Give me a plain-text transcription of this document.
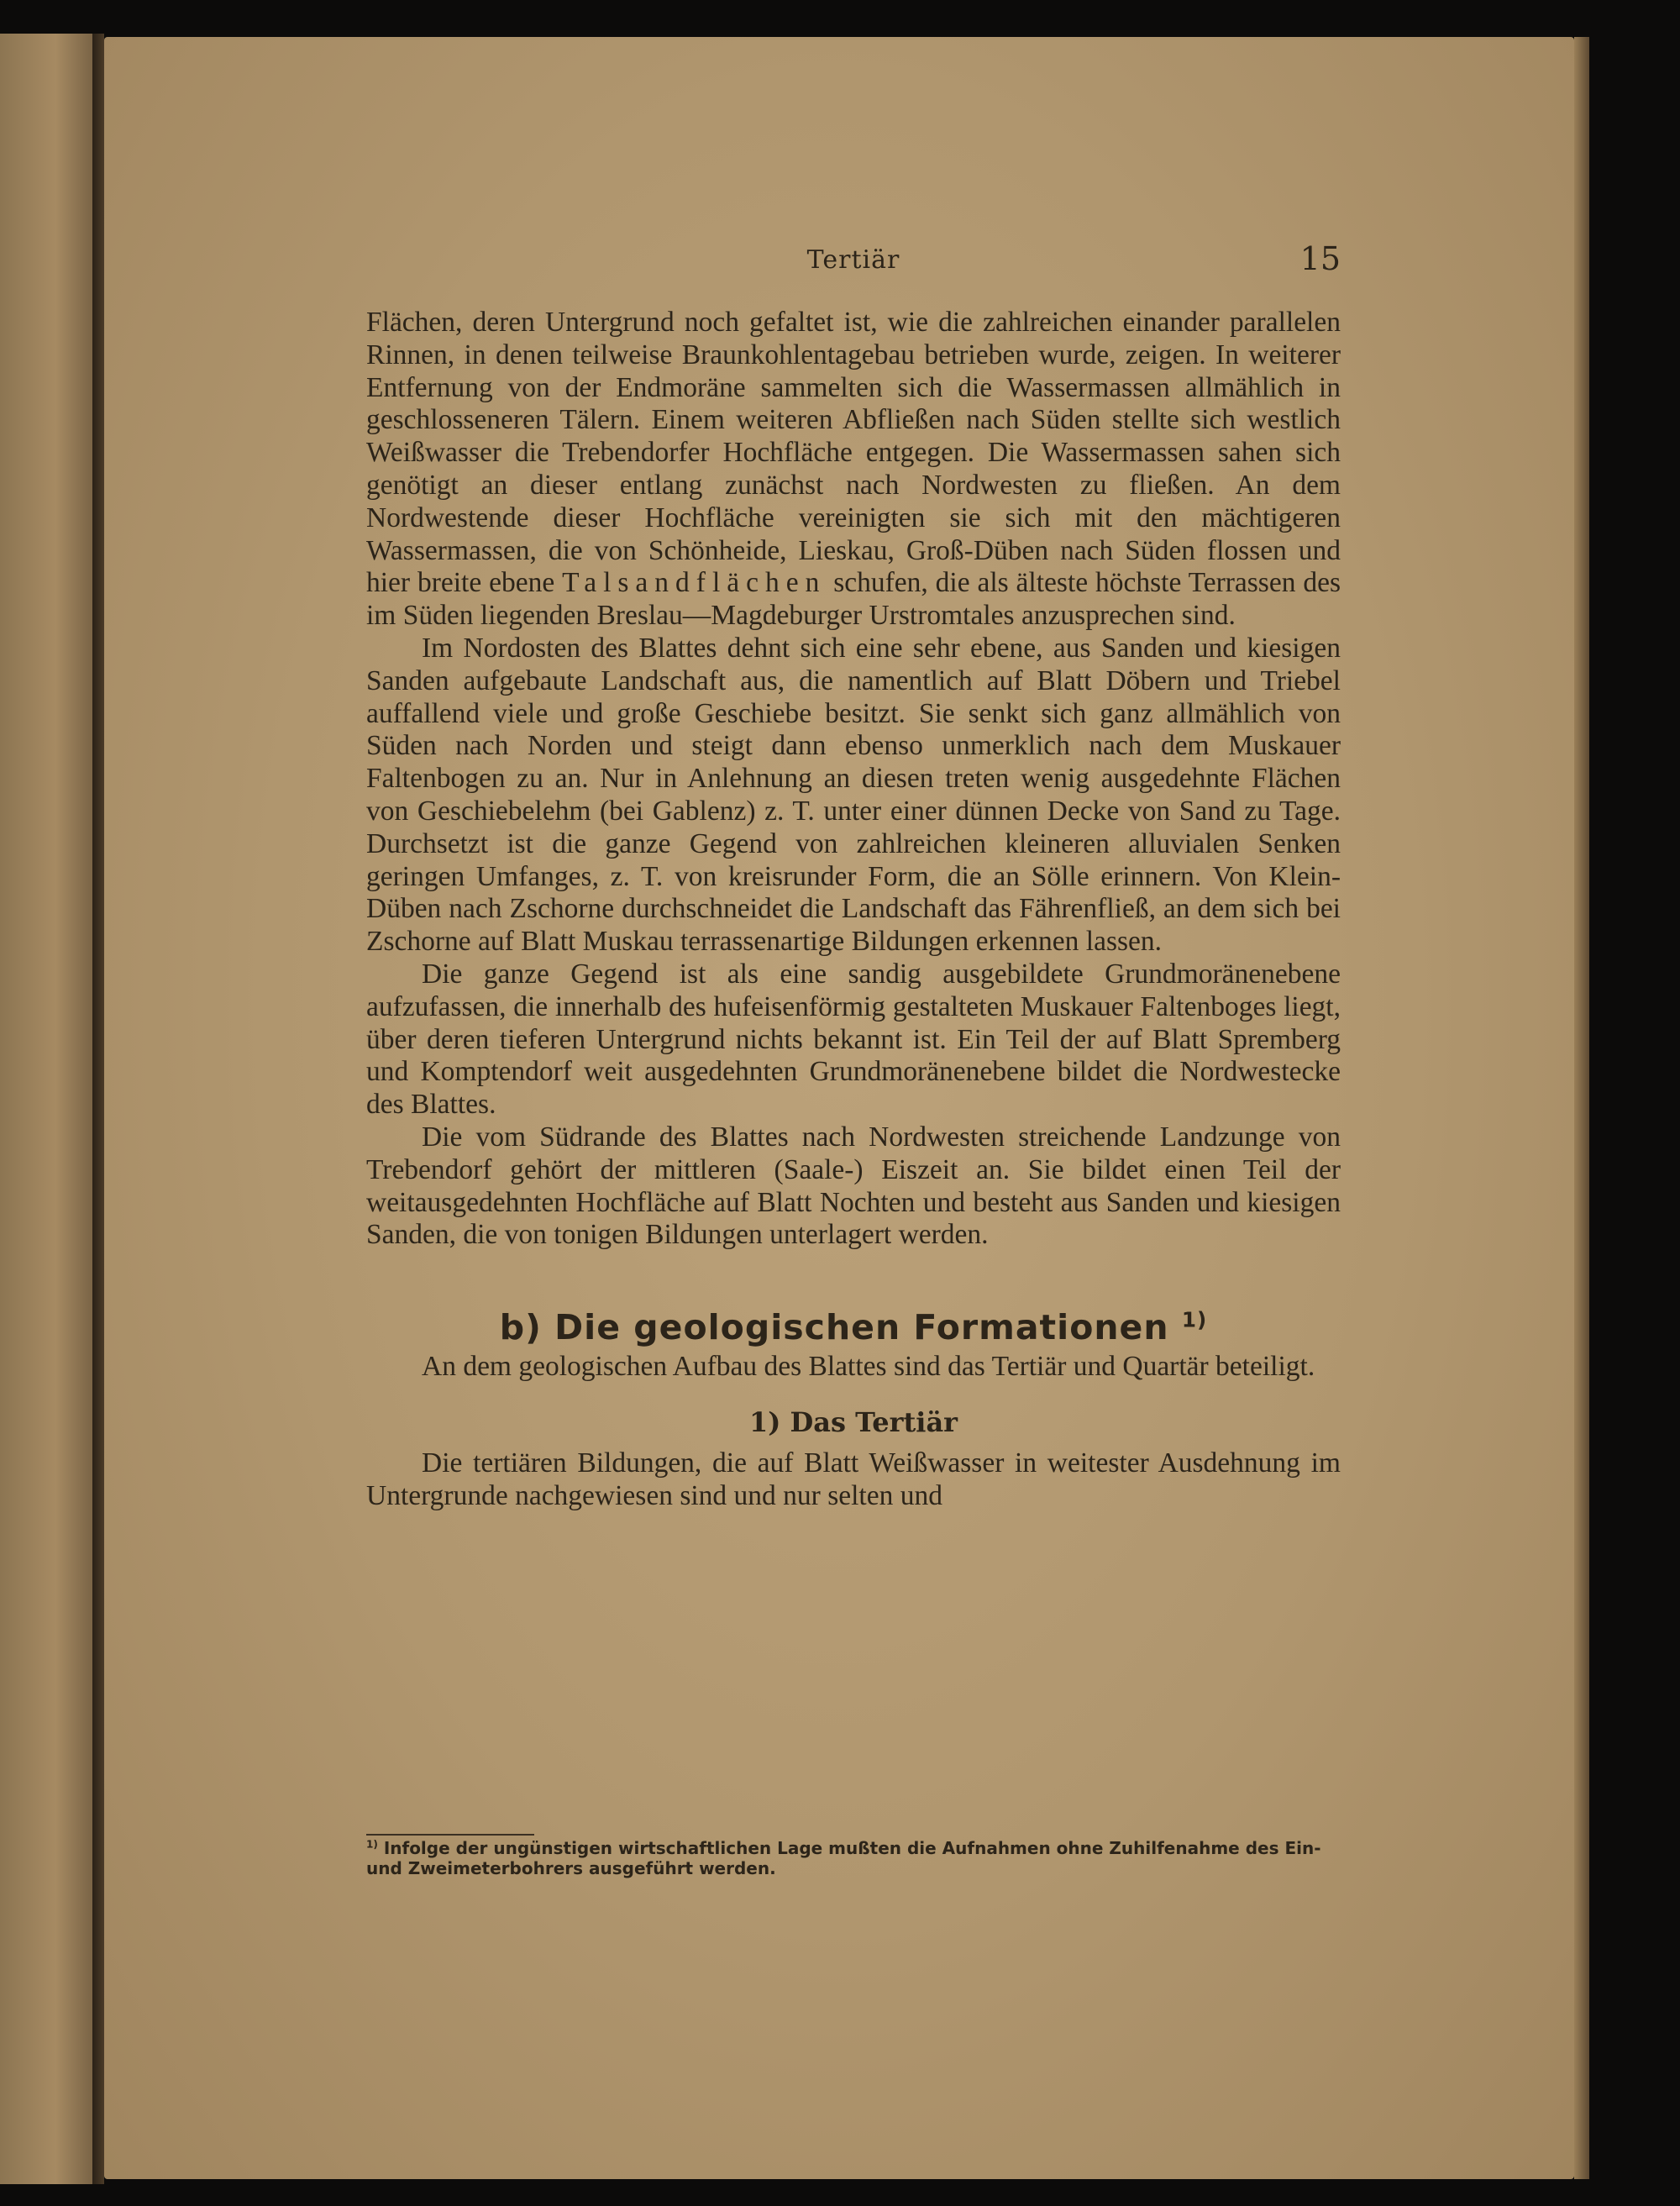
Tertiär	15

Flächen, deren Untergrund noch gefaltet ist, wie die zahlreichen einander parallelen Rinnen, in denen teilweise Braunkohlentagebau betrieben wurde, zeigen. In weiterer Entfernung von der Endmoräne sammelten sich die Wassermassen allmählich in geschlosseneren Tälern. Einem weiteren Abfließen nach Süden stellte sich westlich Weißwasser die Trebendorfer Hochfläche entgegen. Die Wassermassen sahen sich genötigt an dieser entlang zunächst nach Nordwesten zu fließen. An dem Nordwestende dieser Hochfläche vereinigten sie sich mit den mächtigeren Wassermassen, die von Schönheide, Lieskau, Groß-Düben nach Süden flossen und hier breite ebene Talsandflächen schufen, die als älteste höchste Terrassen des im Süden liegenden Breslau—Magdeburger Urstromtales anzusprechen sind.

Im Nordosten des Blattes dehnt sich eine sehr ebene, aus Sanden und kiesigen Sanden aufgebaute Landschaft aus, die namentlich auf Blatt Döbern und Triebel auffallend viele und große Geschiebe besitzt. Sie senkt sich ganz allmählich von Süden nach Norden und steigt dann ebenso unmerklich nach dem Muskauer Faltenbogen zu an. Nur in Anlehnung an diesen treten wenig ausgedehnte Flächen von Geschiebelehm (bei Gablenz) z. T. unter einer dünnen Decke von Sand zu Tage. Durchsetzt ist die ganze Gegend von zahlreichen kleineren alluvialen Senken geringen Umfanges, z. T. von kreisrunder Form, die an Sölle erinnern. Von Klein-Düben nach Zschorne durchschneidet die Landschaft das Fährenfließ, an dem sich bei Zschorne auf Blatt Muskau terrassenartige Bildungen erkennen lassen.

Die ganze Gegend ist als eine sandig ausgebildete Grundmoränenebene aufzufassen, die innerhalb des hufeisenförmig gestalteten Muskauer Faltenboges liegt, über deren tieferen Untergrund nichts bekannt ist. Ein Teil der auf Blatt Spremberg und Komptendorf weit ausgedehnten Grundmoränenebene bildet die Nordwestecke des Blattes.

Die vom Südrande des Blattes nach Nordwesten streichende Landzunge von Trebendorf gehört der mittleren (Saale-) Eiszeit an. Sie bildet einen Teil der weitausgedehnten Hochfläche auf Blatt Nochten und besteht aus Sanden und kiesigen Sanden, die von tonigen Bildungen unterlagert werden.

b) Die geologischen Formationen $^{1)}$

An dem geologischen Aufbau des Blattes sind das Tertiär und Quartär beteiligt.

1) Das Tertiär

Die tertiären Bildungen, die auf Blatt Weißwasser in weitester Ausdehnung im Untergrunde nachgewiesen sind und nur selten und

$^{1)}$ Infolge der ungünstigen wirtschaftlichen Lage mußten die Aufnahmen ohne Zuhilfenahme des Ein- und Zweimeterbohrers ausgeführt werden.
